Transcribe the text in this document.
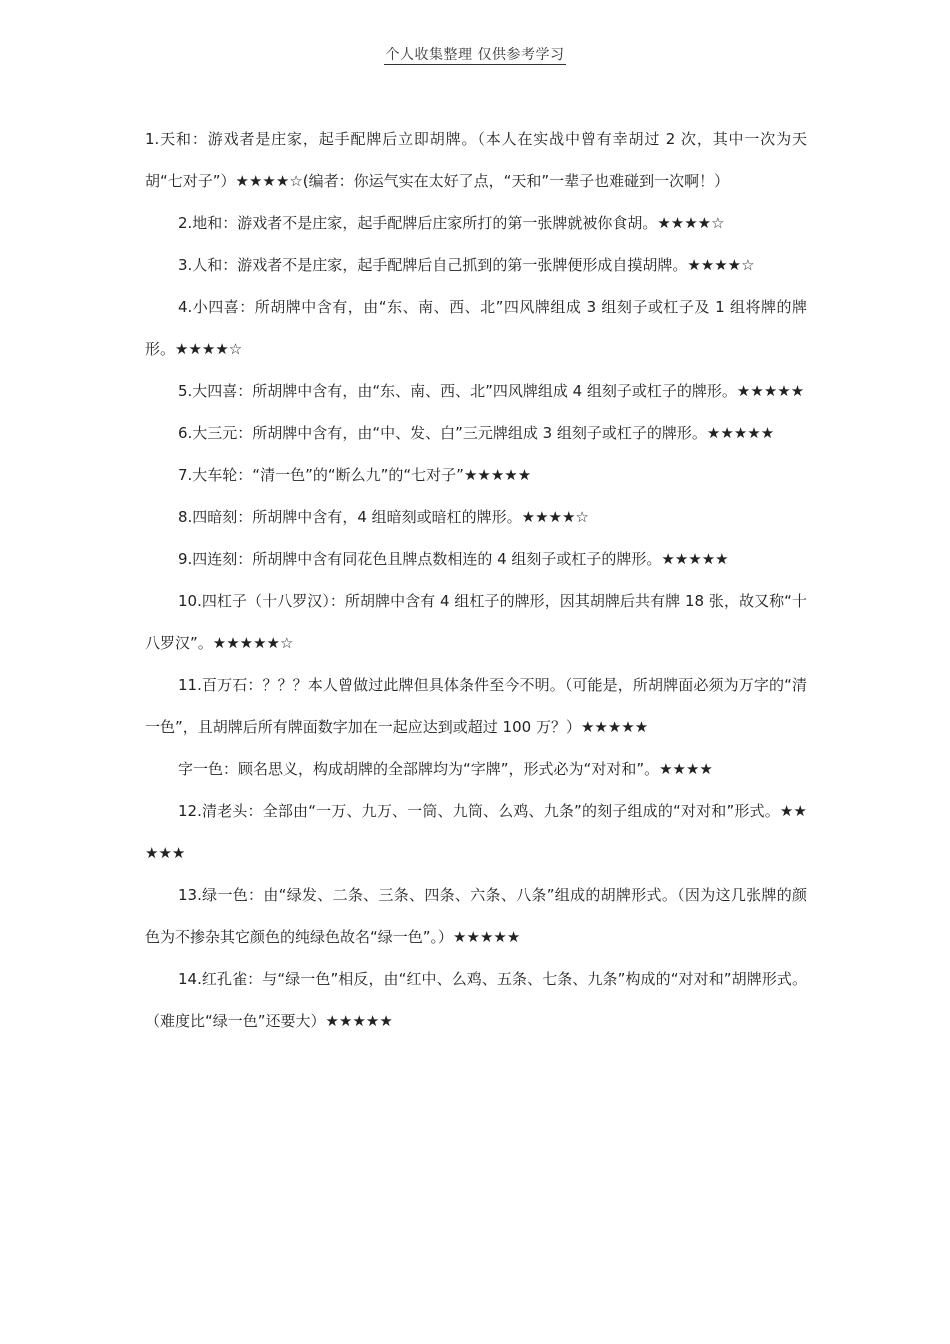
个人收集整理 仅供参考学习

1.天和：游戏者是庄家，起手配牌后立即胡牌。（本人在实战中曾有幸胡过 2 次，其中一次为天胡“七对子”）★★★★☆(编者：你运气实在太好了点，“天和”一辈子也难碰到一次啊！）

2.地和：游戏者不是庄家，起手配牌后庄家所打的第一张牌就被你食胡。★★★★☆

3.人和：游戏者不是庄家，起手配牌后自己抓到的第一张牌便形成自摸胡牌。★★★★☆

4.小四喜：所胡牌中含有，由“东、南、西、北”四风牌组成 3 组刻子或杠子及 1 组将牌的牌形。★★★★☆

5.大四喜：所胡牌中含有，由“东、南、西、北”四风牌组成 4 组刻子或杠子的牌形。★★★★★

6.大三元：所胡牌中含有，由“中、发、白”三元牌组成 3 组刻子或杠子的牌形。★★★★★

7.大车轮：“清一色”的“断么九”的“七对子”★★★★★

8.四暗刻：所胡牌中含有，4 组暗刻或暗杠的牌形。★★★★☆

9.四连刻：所胡牌中含有同花色且牌点数相连的 4 组刻子或杠子的牌形。★★★★★

10.四杠子（十八罗汉）：所胡牌中含有 4 组杠子的牌形，因其胡牌后共有牌 18 张，故又称“十八罗汉”。★★★★★☆

11.百万石：？？？本人曾做过此牌但具体条件至今不明。（可能是，所胡牌面必须为万字的“清一色”，且胡牌后所有牌面数字加在一起应达到或超过 100 万？）★★★★★

字一色：顾名思义，构成胡牌的全部牌均为“字牌”，形式必为“对对和”。★★★★

12.清老头：全部由“一万、九万、一筒、九筒、么鸡、九条”的刻子组成的“对对和”形式。★★★★★

13.绿一色：由“绿发、二条、三条、四条、六条、八条”组成的胡牌形式。（因为这几张牌的颜色为不掺杂其它颜色的纯绿色故名“绿一色”。）★★★★★

14.红孔雀：与“绿一色”相反，由“红中、么鸡、五条、七条、九条”构成的“对对和”胡牌形式。（难度比“绿一色”还要大）★★★★★
